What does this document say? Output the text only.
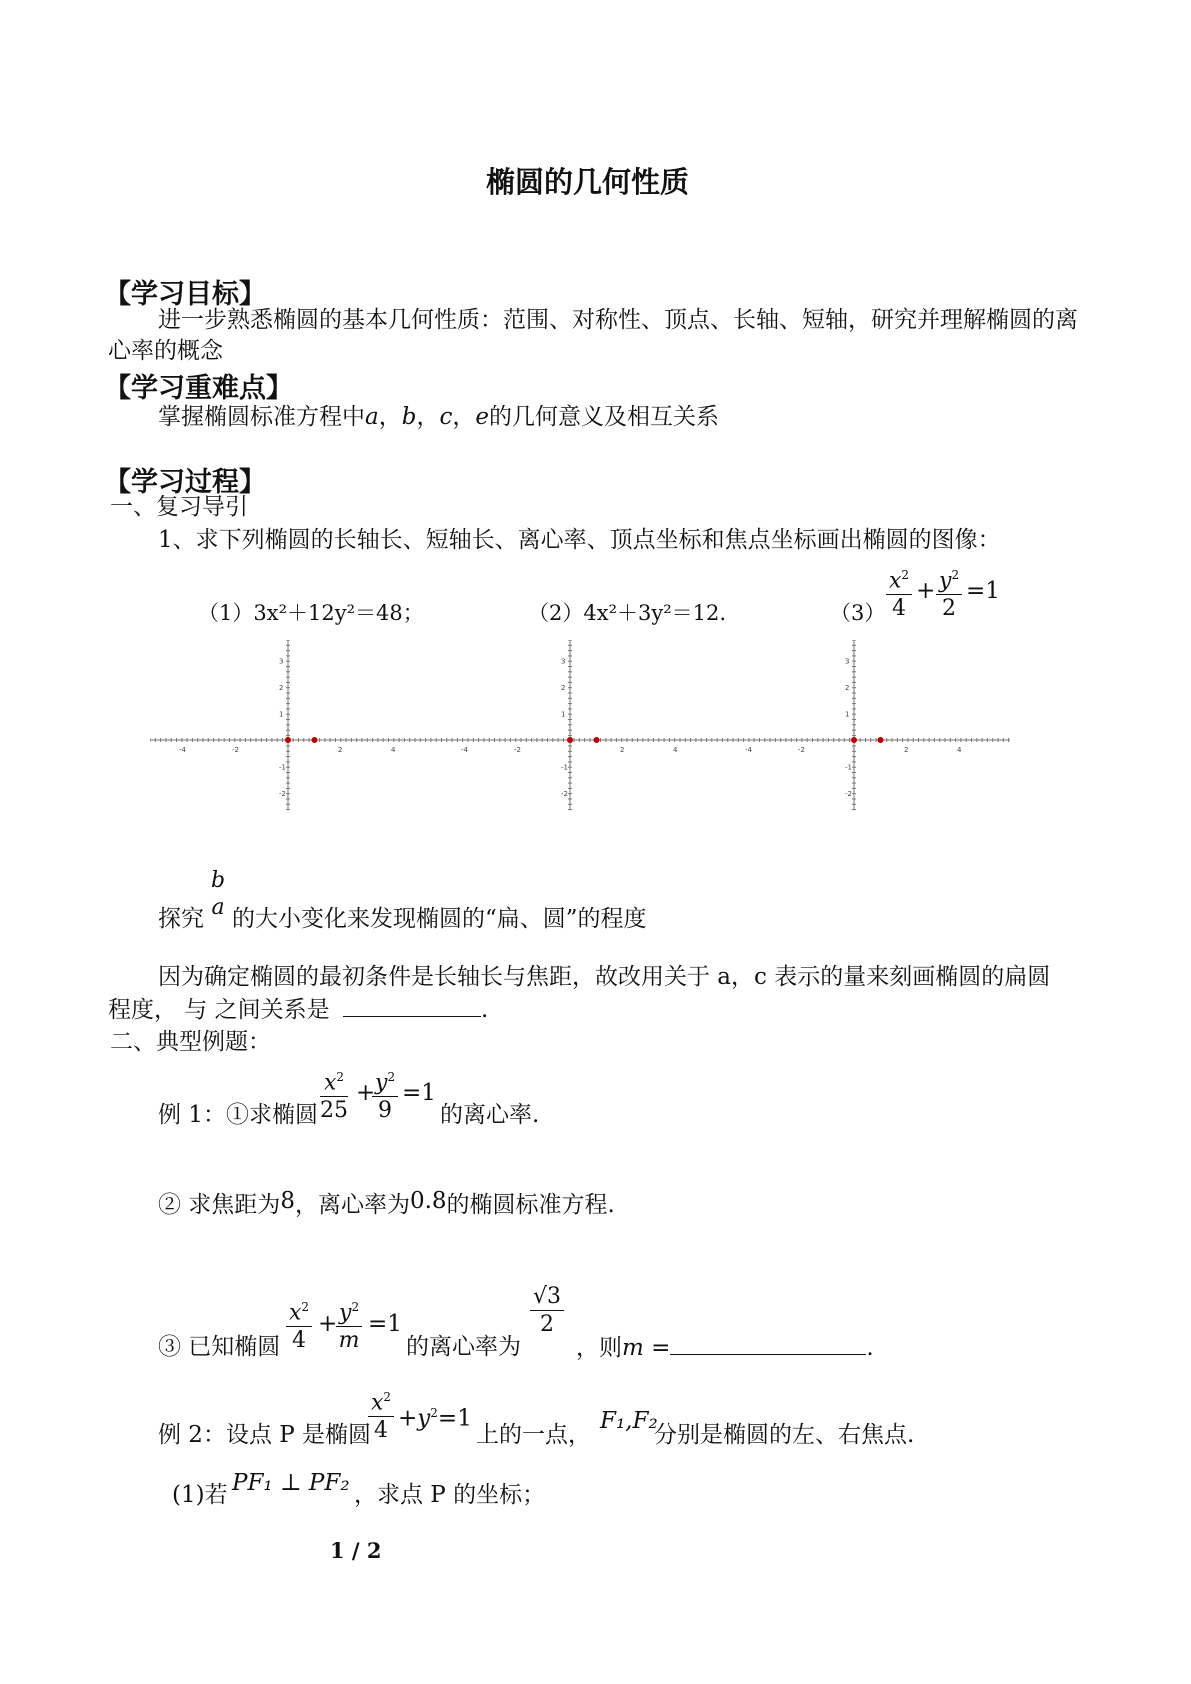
椭圆的几何性质
【学习目标】
进一步熟悉椭圆的基本几何性质：范围、对称性、顶点、长轴、短轴，研究并理解椭圆的离
心率的概念
【学习重难点】
掌握椭圆标准方程中a，b，c，e的几何意义及相互关系
【学习过程】
一、复习导引
1、求下列椭圆的长轴长、短轴长、离心率、顶点坐标和焦点坐标画出椭圆的图像：
（1）3x²＋12y²＝48；	（2）4x²＋3y²＝12.	$(3) \frac{x^2}{4} + \frac{y^2}{2} =1$
-4	-2	2	4
3
2
1
-1
-2
-4	-2	2	4
3
2
1
-1
-2
-4	-2	2	4
3
2
1
-1
-2
b
a
探究 的大小变化来发现椭圆的“扁、圆”的程度
因为确定椭圆的最初条件是长轴长与焦距，故改用关于 a，c 表示的量来刻画椭圆的扁圆
程度， 与 之间关系是	.
二、典型例题：
例 1：①求椭圆 $\frac{x^2}{25}$ +
$\frac{y^2}{9} =1$
的离心率.
② 求焦距为8，离心率为0.8的椭圆标准方程.
③ 已知椭圆 $\frac{x^2}{4}$ +
$\frac{y^2}{m} =1$
的离心率为
$\frac{√3}{2}$
，则m =	.
例 2：设点 P 是椭圆
$\frac{x^2}{4} +y^2=1$
上的一点，
F₁,F₂
分别是椭圆的左、右焦点.
(1)若 PF₁ ⊥ PF₂ ，求点 P 的坐标；
1 / 2
